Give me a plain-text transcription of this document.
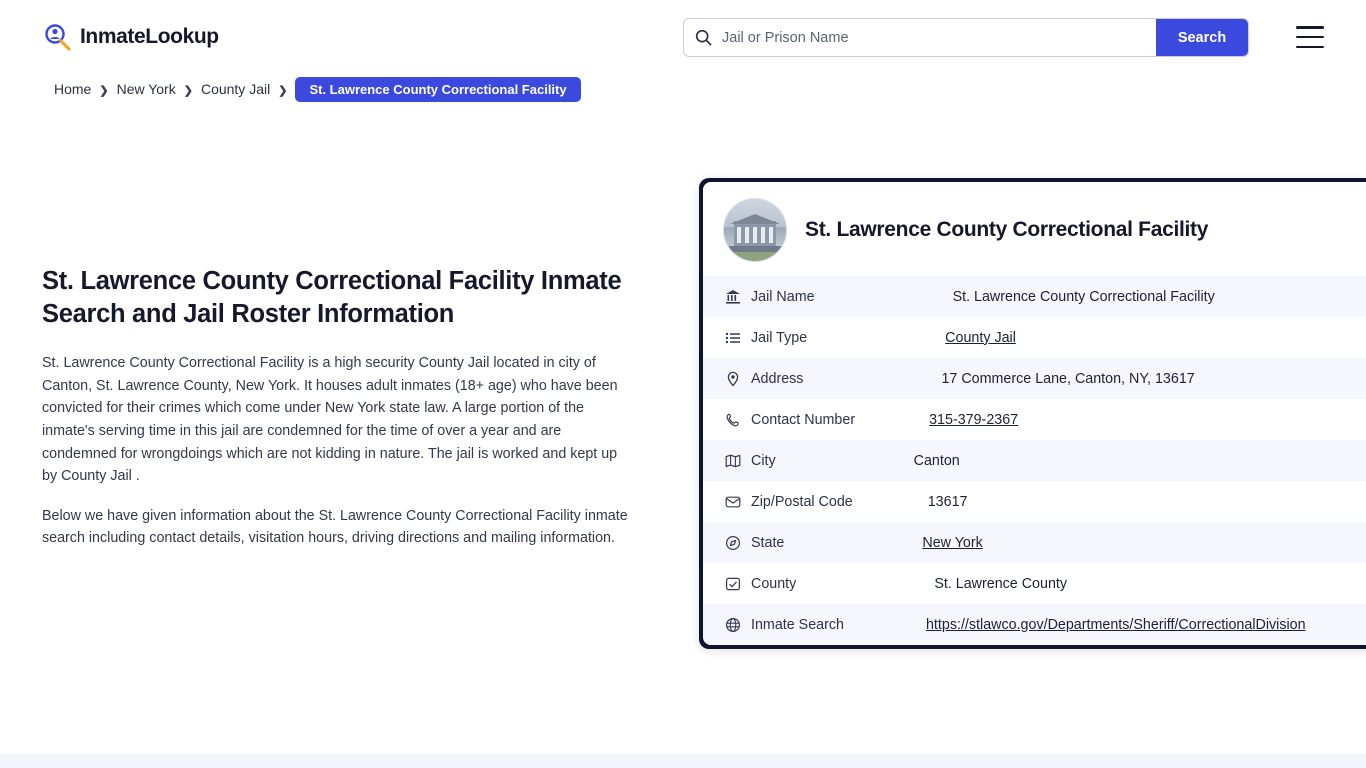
InmateLookup
Jail or Prison Name	Search
Home ❯ New York ❯ County Jail ❯	St. Lawrence County Correctional Facility
St. Lawrence County Correctional Facility Inmate Search and Jail Roster Information

St. Lawrence County Correctional Facility is a high security County Jail located in city of Canton, St. Lawrence County, New York. It houses adult inmates (18+ age) who have been convicted for their crimes which come under New York state law. A large portion of the inmate's serving time in this jail are condemned for the time of over a year and are condemned for wrongdoings which are not kidding in nature. The jail is worked and kept up by County Jail .

Below we have given information about the St. Lawrence County Correctional Facility inmate search including contact details, visitation hours, driving directions and mailing information.

St. Lawrence County Correctional Facility
Jail Name	St. Lawrence County Correctional Facility
Jail Type	County Jail
Address	17 Commerce Lane, Canton, NY, 13617
Contact Number	315-379-2367
City	Canton
Zip/Postal Code	13617
State	New York
County	St. Lawrence County
Inmate Search	https://stlawco.gov/Departments/Sheriff/CorrectionalDivision
